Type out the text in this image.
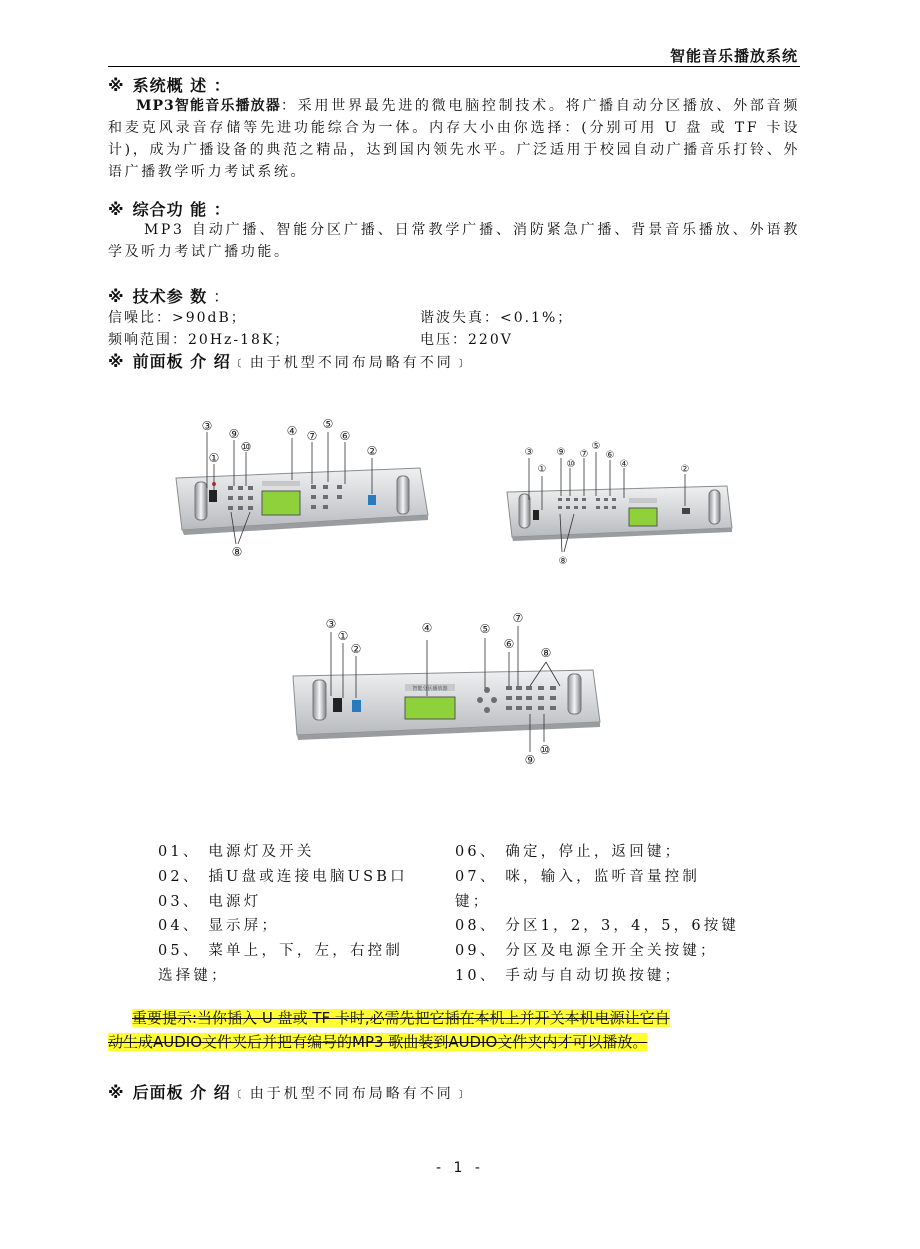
智能音乐播放系统
※ 系统概 述 ：
MP3智能音乐播放器：采用世界最先进的微电脑控制技术。将广播自动分区播放、外部音频和麦克风录音存储等先进功能综合为一体。内存大小由你选择：(分别可用 U 盘 或 TF 卡设计)，成为广播设备的典范之精品，达到国内领先水平。广泛适用于校园自动广播音乐打铃、外语广播教学听力考试系统。
※ 综合功 能 ：
MP3 自动广播、智能分区广播、日常教学广播、消防紧急广播、背景音乐播放、外语教学及听力考试广播功能。
※ 技术参 数 ：
信噪比：>90dB；	谐波失真：<0.1%；
频响范围：20Hz-18K；	电压：220V
※ 前面板 介 绍 ﹝由于机型不同布局略有不同﹞
③
①
⑨
⑩
④ ⑦
⑤
⑥
②
⑧
③
①
⑨
⑩
⑦
⑤
⑥
④	②
⑧
智能分区播放器
③
①
②
④	⑤
⑥
⑦
⑧
⑨
⑩
01、 电源灯及开关
02、 插U盘或连接电脑USB口
03、 电源灯
04、 显示屏；
05、 菜单上，下，左，右控制
选择键；
06、 确定，停止，返回键；
07、 咪，输入，监听音量控制
键；
08、 分区1，2，3，4，5，6按键
09、 分区及电源全开全关按键；
10、 手动与自动切换按键；
重要提示:当你插入 U 盘或 TF 卡时,必需先把它插在本机上并开关本机电源让它自
动生成AUDIO文件夹后并把有编号的MP3 歌曲装到AUDIO文件夹内才可以播放。
※ 后面板 介 绍 ﹝由于机型不同布局略有不同﹞
- 1 -
